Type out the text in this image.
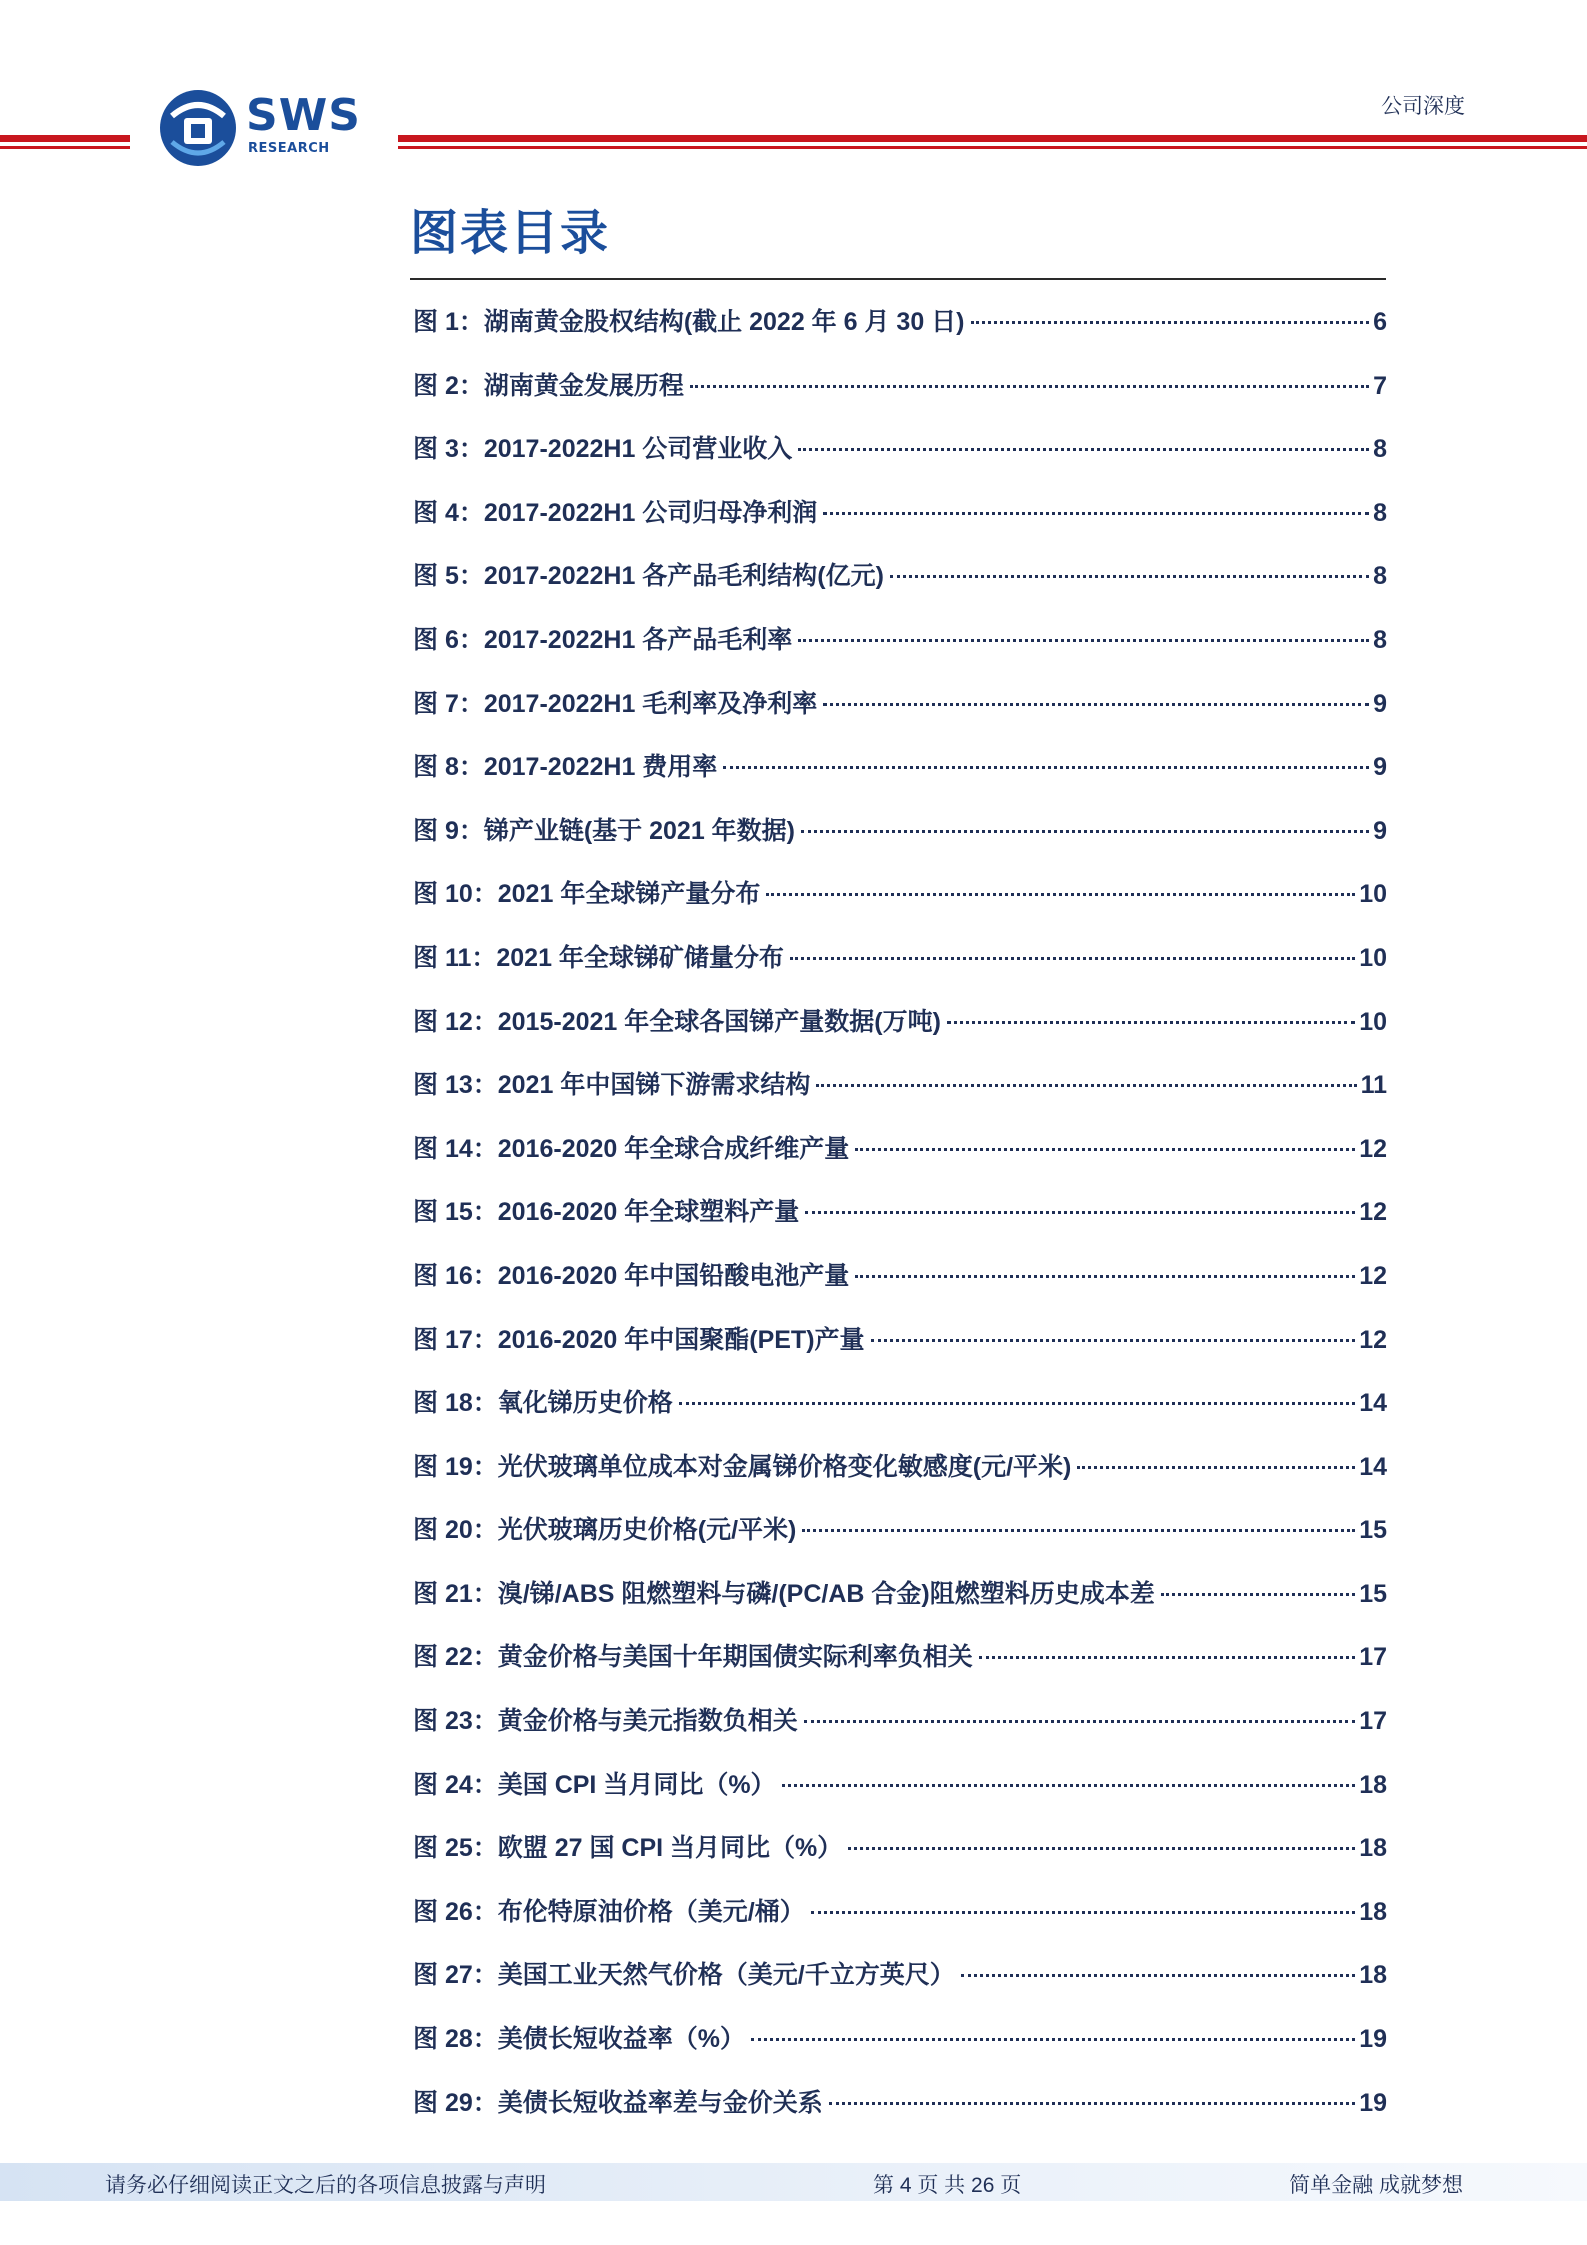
SWS
RESEARCH
公司深度
图表目录
图 1：湖南黄金股权结构(截止 2022 年 6 月 30 日)	6
图 2：湖南黄金发展历程	7
图 3：2017-2022H1 公司营业收入	8
图 4：2017-2022H1 公司归母净利润	8
图 5：2017-2022H1 各产品毛利结构(亿元)	8
图 6：2017-2022H1 各产品毛利率	8
图 7：2017-2022H1 毛利率及净利率	9
图 8：2017-2022H1 费用率	9
图 9：锑产业链(基于 2021 年数据)	9
图 10：2021 年全球锑产量分布	10
图 11：2021 年全球锑矿储量分布	10
图 12：2015-2021 年全球各国锑产量数据(万吨)	10
图 13：2021 年中国锑下游需求结构	11
图 14：2016-2020 年全球合成纤维产量	12
图 15：2016-2020 年全球塑料产量	12
图 16：2016-2020 年中国铅酸电池产量	12
图 17：2016-2020 年中国聚酯(PET)产量	12
图 18：氧化锑历史价格	14
图 19：光伏玻璃单位成本对金属锑价格变化敏感度(元/平米)	14
图 20：光伏玻璃历史价格(元/平米)	15
图 21：溴/锑/ABS 阻燃塑料与磷/(PC/AB 合金)阻燃塑料历史成本差	15
图 22：黄金价格与美国十年期国债实际利率负相关	17
图 23：黄金价格与美元指数负相关	17
图 24：美国 CPI 当月同比（%）	18
图 25：欧盟 27 国 CPI 当月同比（%）	18
图 26：布伦特原油价格（美元/桶）	18
图 27：美国工业天然气价格（美元/千立方英尺）	18
图 28：美债长短收益率（%）	19
图 29：美债长短收益率差与金价关系	19
请务必仔细阅读正文之后的各项信息披露与声明	第 4 页 共 26 页	简单金融 成就梦想
